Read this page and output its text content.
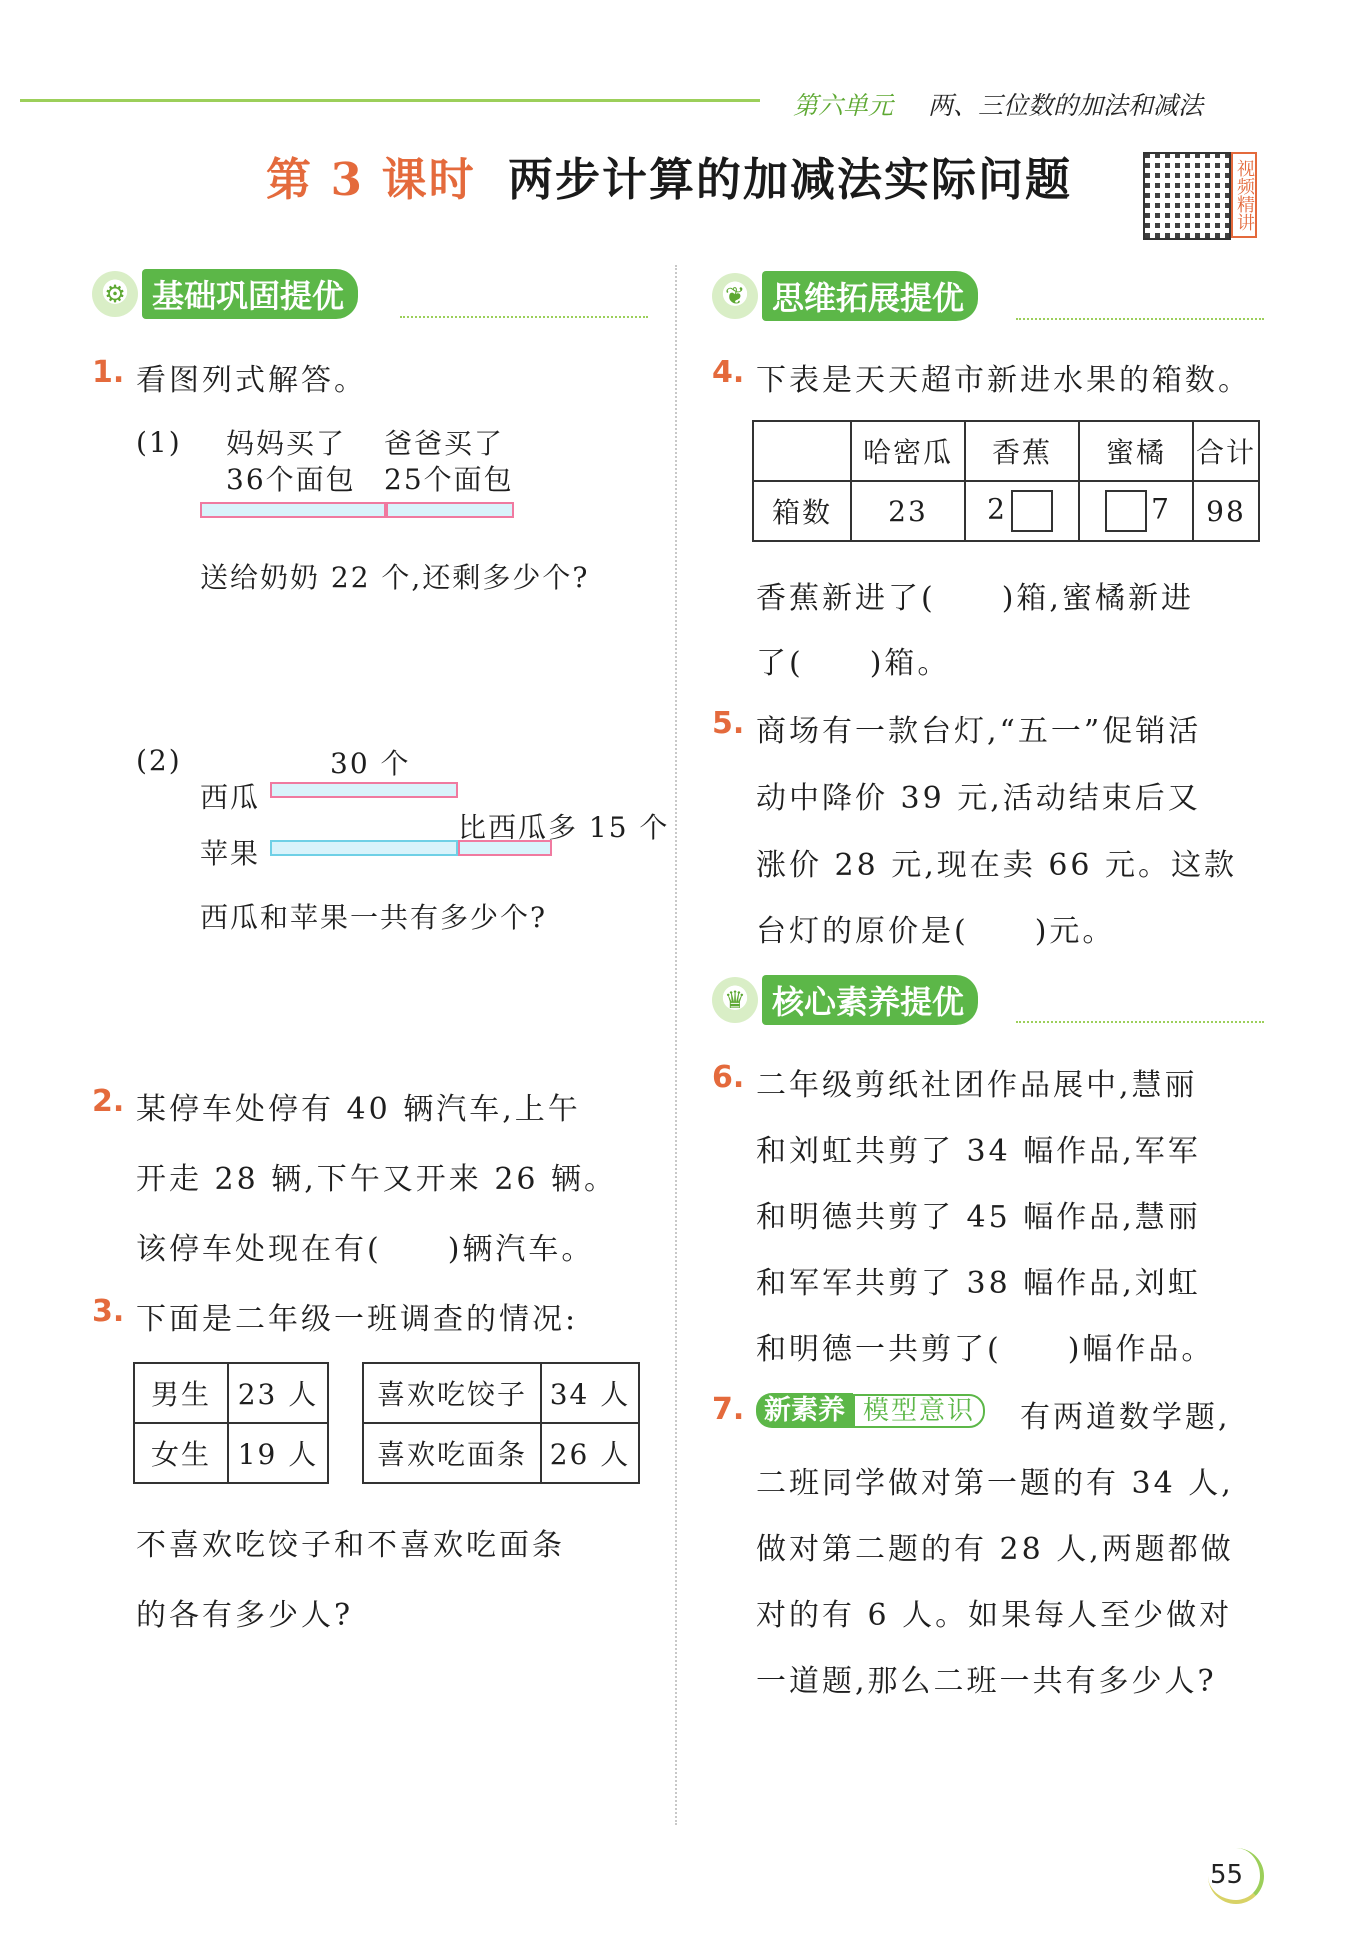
第六单元 两、三位数的加法和减法
第 3 课时 两步计算的加减法实际问题	视频精讲
⚙ 基础巩固提优	❦ 思维拓展提优
♛ 核心素养提优
1. 看图列式解答。
(1) 妈妈买了
36个面包
爸爸买了
25个面包
送给奶奶 22 个,还剩多少个?
(2)	30 个
西瓜
苹果
比西瓜多 15 个
西瓜和苹果一共有多少个?
2. 某停车处停有 40 辆汽车,上午
开走 28 辆,下午又开来 26 辆。
该停车处现在有(　　)辆汽车。
3. 下面是二年级一班调查的情况:
男生	23 人
女生	19 人
喜欢吃饺子	34 人
喜欢吃面条	26 人
不喜欢吃饺子和不喜欢吃面条
的各有多少人?
4. 下表是天天超市新进水果的箱数。
	哈密瓜	香蕉	蜜橘	合计
箱数	23	2	7	98
香蕉新进了(　　)箱,蜜橘新进
了(　　)箱。
5. 商场有一款台灯,“五一”促销活
动中降价 39 元,活动结束后又
涨价 28 元,现在卖 66 元。这款
台灯的原价是(　　)元。
6. 二年级剪纸社团作品展中,慧丽
和刘虹共剪了 34 幅作品,军军
和明德共剪了 45 幅作品,慧丽
和军军共剪了 38 幅作品,刘虹
和明德一共剪了(　　)幅作品。
7. 新素养 模型意识	有两道数学题,
二班同学做对第一题的有 34 人,
做对第二题的有 28 人,两题都做
对的有 6 人。如果每人至少做对
一道题,那么二班一共有多少人?
55
